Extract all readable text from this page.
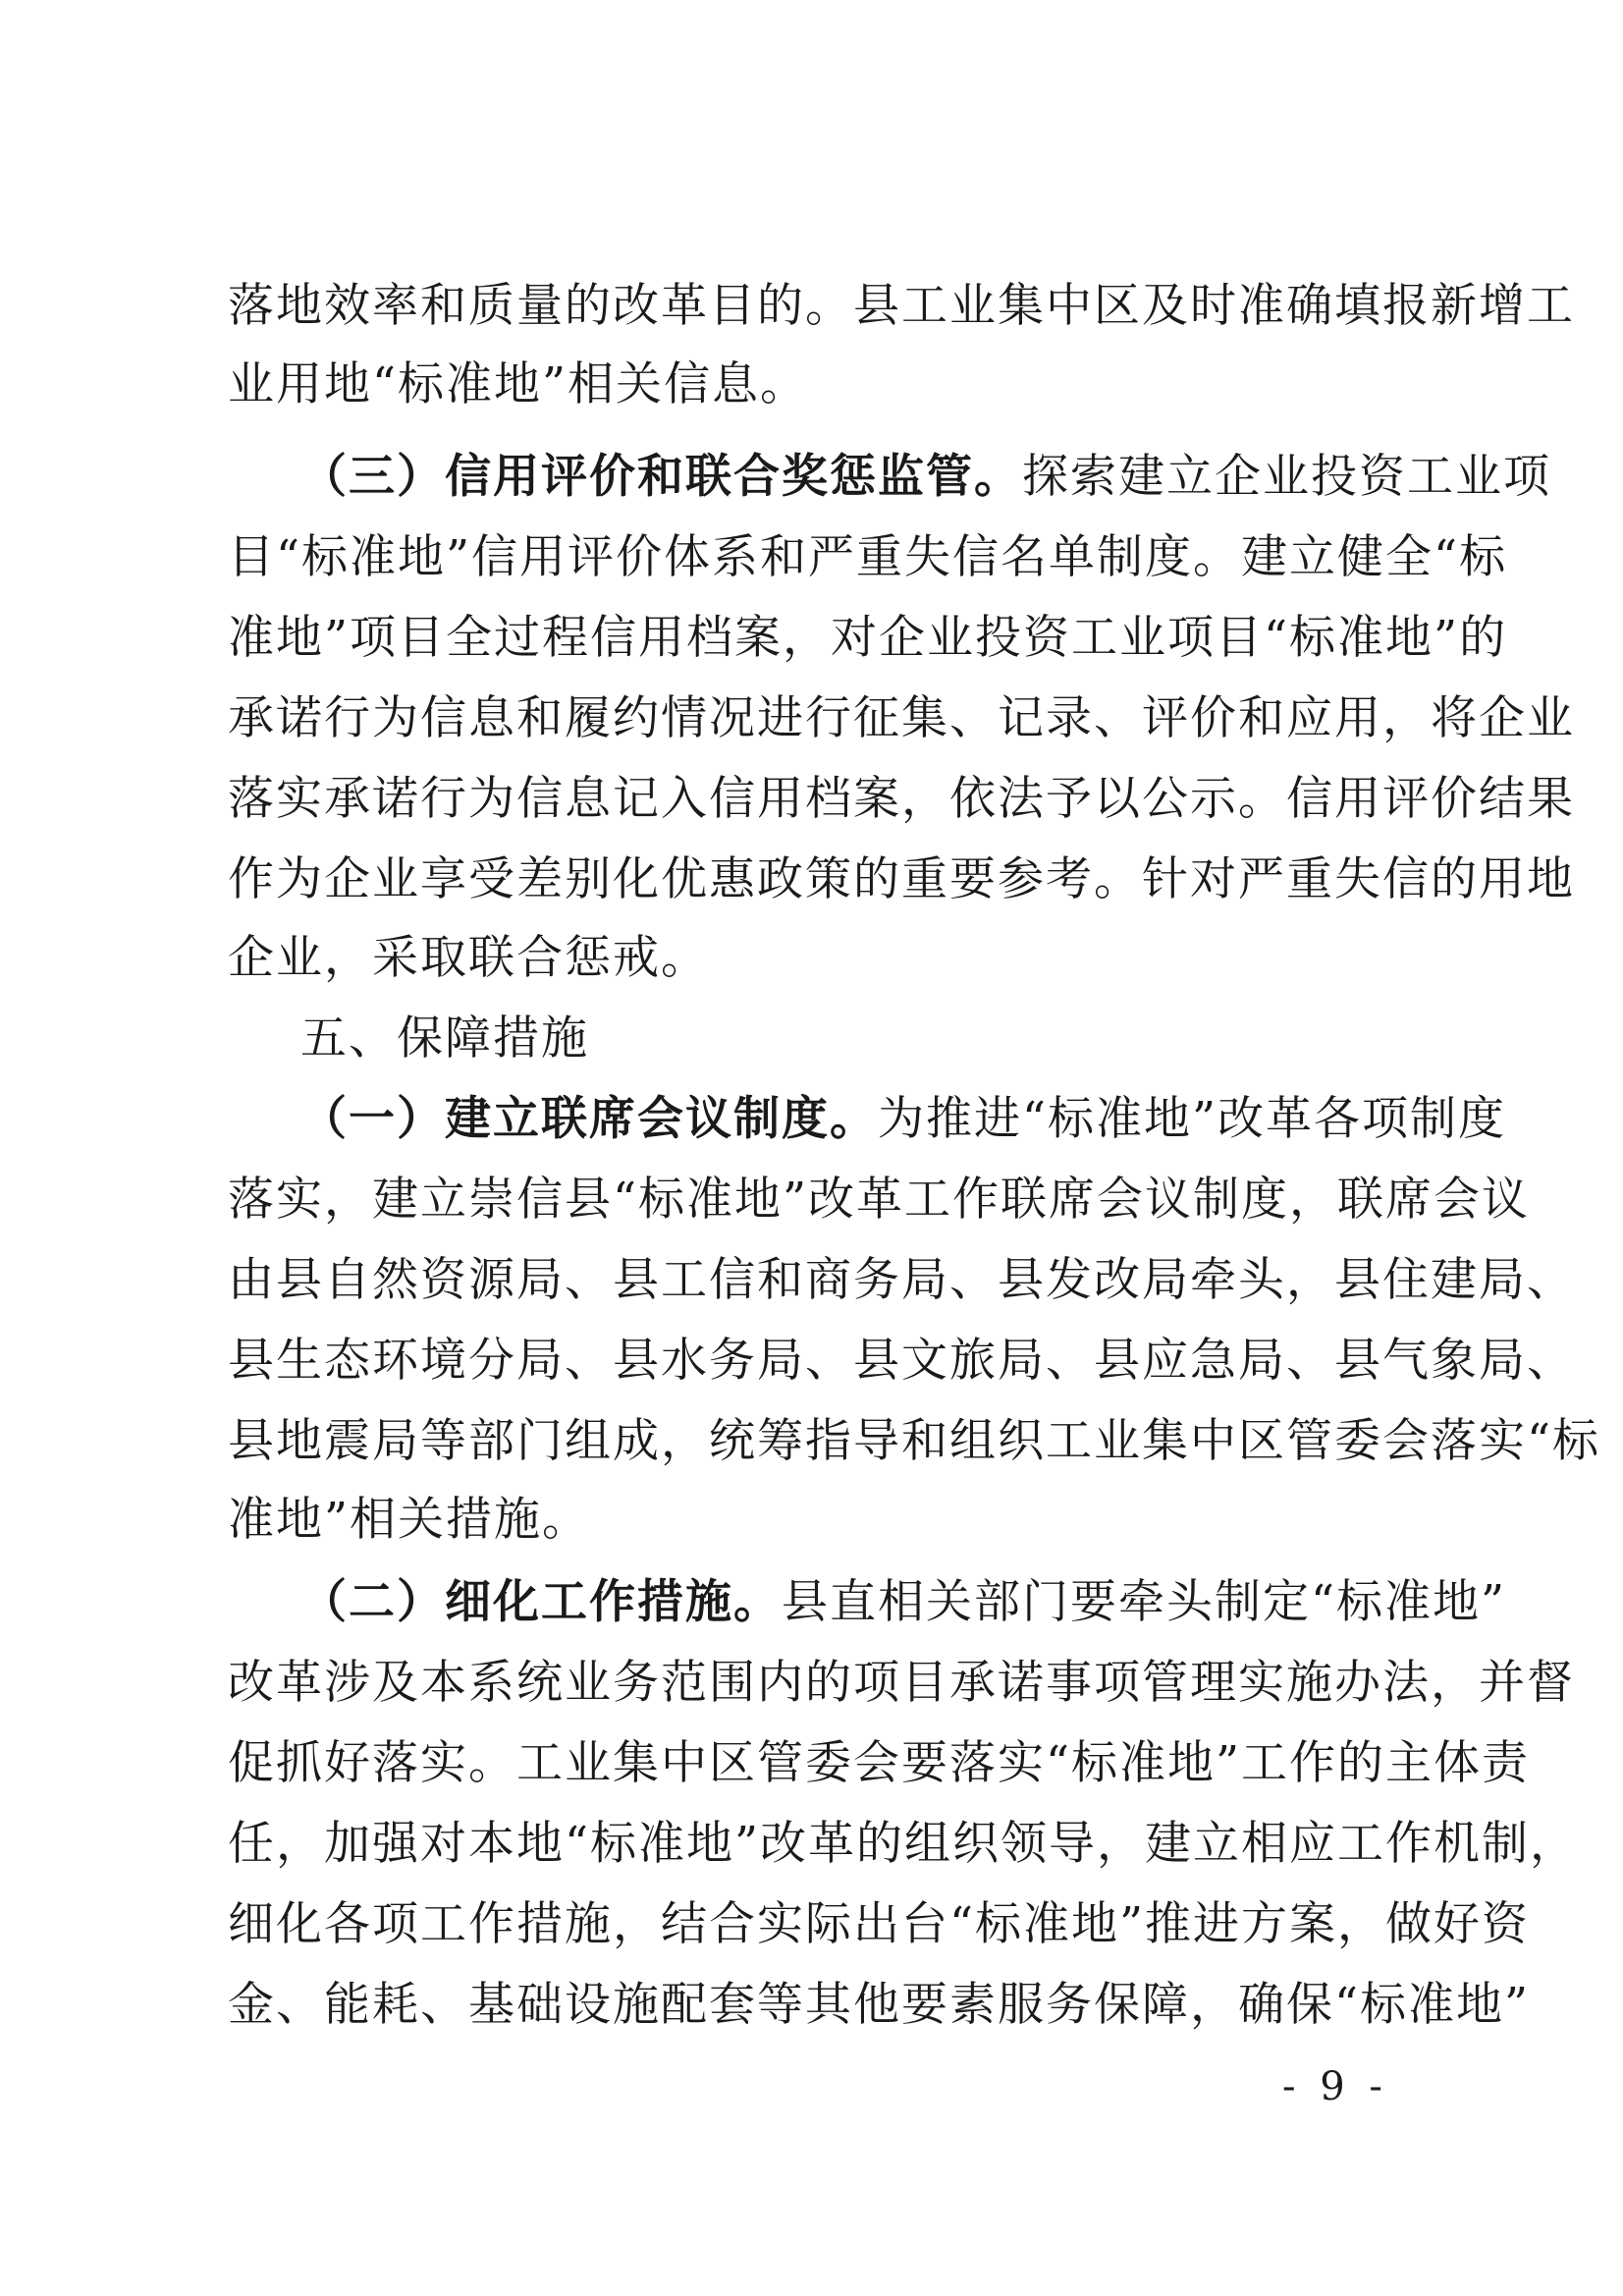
落地效率和质量的改革目的。县工业集中区及时准确填报新增工
业用地“标准地”相关信息。
（三）信用评价和联合奖惩监管。探索建立企业投资工业项
目“标准地”信用评价体系和严重失信名单制度。建立健全“标
准地”项目全过程信用档案，对企业投资工业项目“标准地”的
承诺行为信息和履约情况进行征集、记录、评价和应用，将企业
落实承诺行为信息记入信用档案，依法予以公示。信用评价结果
作为企业享受差别化优惠政策的重要参考。针对严重失信的用地
企业，采取联合惩戒。
五、保障措施
（一）建立联席会议制度。为推进“标准地”改革各项制度
落实，建立崇信县“标准地”改革工作联席会议制度，联席会议
由县自然资源局、县工信和商务局、县发改局牵头，县住建局、
县生态环境分局、县水务局、县文旅局、县应急局、县气象局、
县地震局等部门组成，统筹指导和组织工业集中区管委会落实“标
准地”相关措施。
（二）细化工作措施。县直相关部门要牵头制定“标准地”
改革涉及本系统业务范围内的项目承诺事项管理实施办法，并督
促抓好落实。工业集中区管委会要落实“标准地”工作的主体责
任，加强对本地“标准地”改革的组织领导，建立相应工作机制，
细化各项工作措施，结合实际出台“标准地”推进方案，做好资
金、能耗、基础设施配套等其他要素服务保障，确保“标准地”
- 9 -
